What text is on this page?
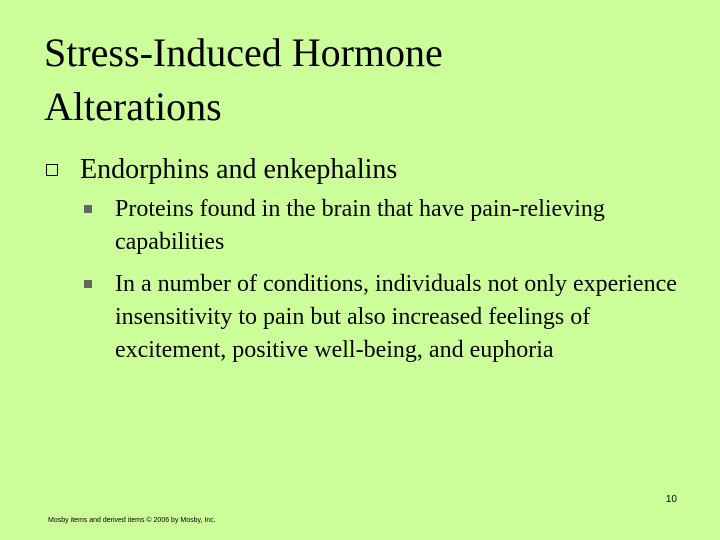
Stress-Induced Hormone
Alterations
Endorphins and enkephalins
Proteins found in the brain that have pain-relieving capabilities
In a number of conditions, individuals not only experience insensitivity to pain but also increased feelings of excitement, positive well-being, and euphoria
10
Mosby items and derived items © 2006 by Mosby, Inc.
